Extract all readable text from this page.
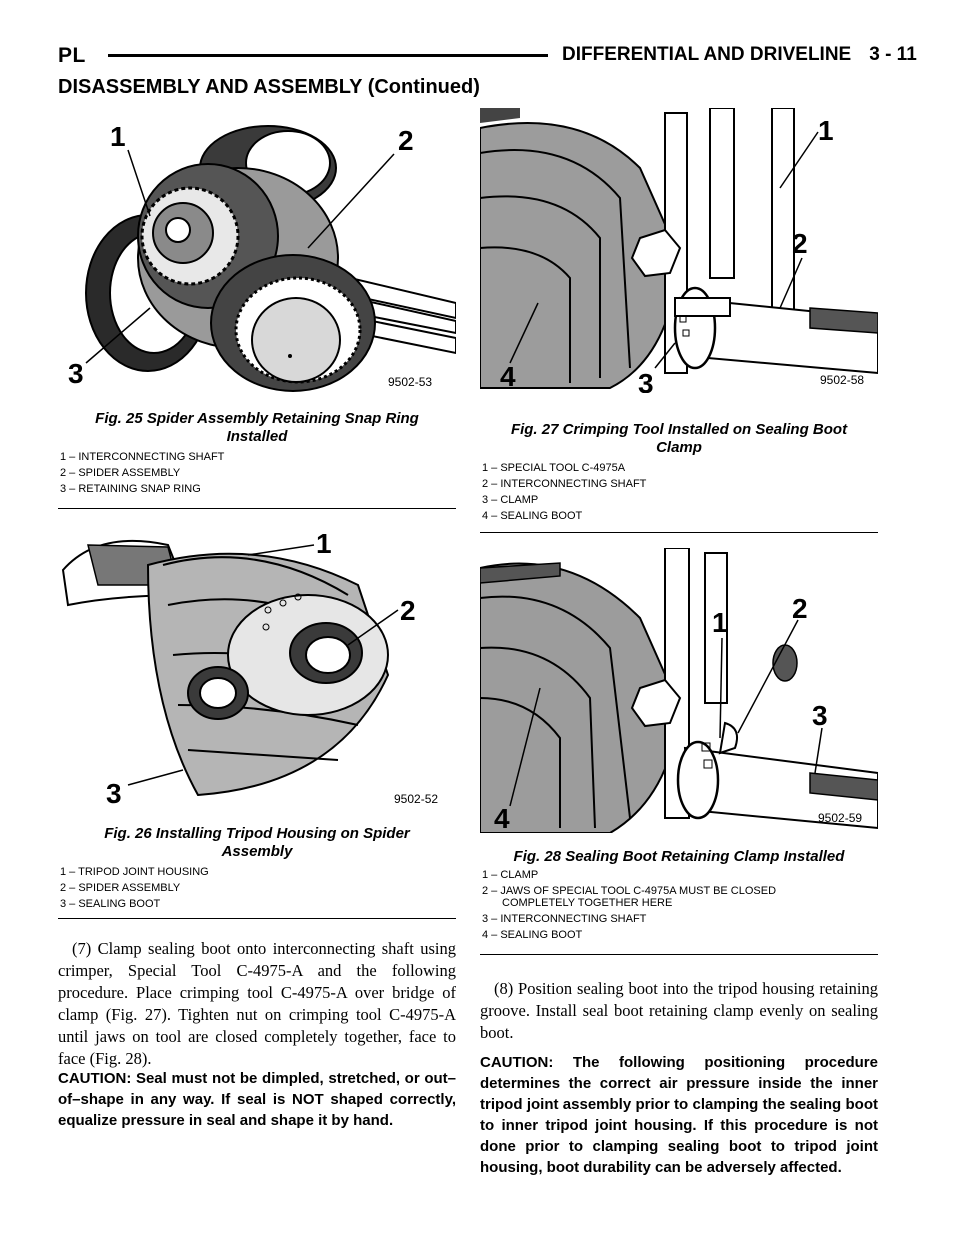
PL	DIFFERENTIAL AND DRIVELINE 3 - 11
DISASSEMBLY AND ASSEMBLY (Continued)
1	2
3	9502-53
Fig. 25 Spider Assembly Retaining Snap Ring
Installed
1 – INTERCONNECTING SHAFT
2 – SPIDER ASSEMBLY
3 – RETAINING SNAP RING
1
2
3	9502-52
Fig. 26 Installing Tripod Housing on Spider
Assembly
1 – TRIPOD JOINT HOUSING
2 – SPIDER ASSEMBLY
3 – SEALING BOOT
1
2
3
4	9502-58
Fig. 27 Crimping Tool Installed on Sealing Boot
Clamp
1 – SPECIAL TOOL C-4975A
2 – INTERCONNECTING SHAFT
3 – CLAMP
4 – SEALING BOOT
1 2
3
4	9502-59
Fig. 28 Sealing Boot Retaining Clamp Installed
1 – CLAMP
2 – JAWS OF SPECIAL TOOL C-4975A MUST BE CLOSED
COMPLETELY TOGETHER HERE
3 – INTERCONNECTING SHAFT
4 – SEALING BOOT
(7) Clamp sealing boot onto interconnecting shaft using crimper, Special Tool C-4975-A and the following procedure. Place crimping tool C-4975-A over bridge of clamp (Fig. 27). Tighten nut on crimping tool C-4975-A until jaws on tool are closed completely together, face to face (Fig. 28).
CAUTION: Seal must not be dimpled, stretched, or out–of–shape in any way. If seal is NOT shaped correctly, equalize pressure in seal and shape it by hand.
(8) Position sealing boot into the tripod housing retaining groove. Install seal boot retaining clamp evenly on sealing boot.
CAUTION: The following positioning procedure determines the correct air pressure inside the inner tripod joint assembly prior to clamping the sealing boot to inner tripod joint housing. If this procedure is not done prior to clamping sealing boot to tripod joint housing, boot durability can be adversely affected.
